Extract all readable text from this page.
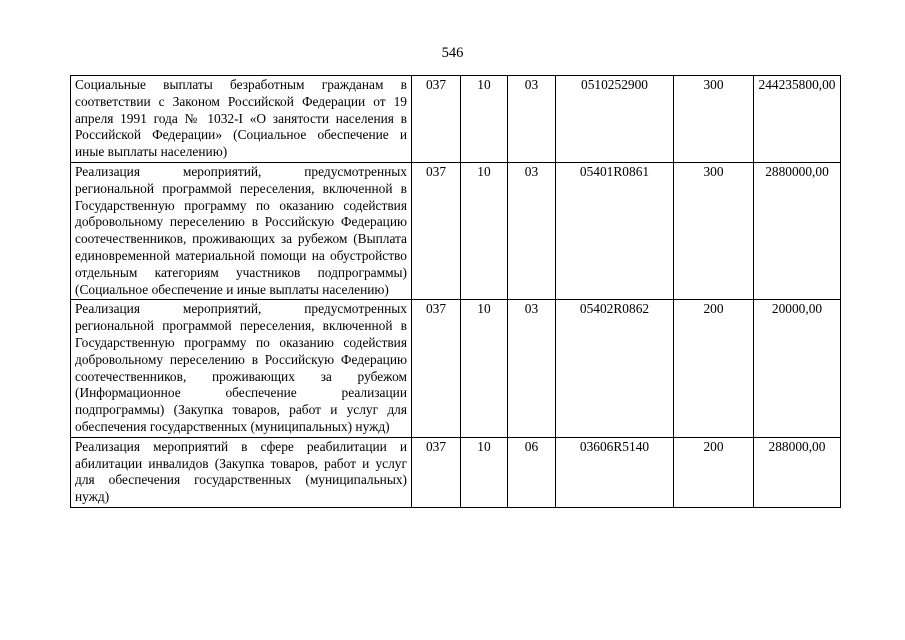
546
Социальные выплаты безработным гражданам в соответствии с Законом Российской Федерации от 19 апреля 1991 года № 1032-I «О занятости населения в Российской Федерации» (Социальное обеспечение и иные выплаты населению)	037	10	03	0510252900	300	244235800,00
Реализация мероприятий, предусмотренных региональной программой переселения, включенной в Государственную программу по оказанию содействия добровольному переселению в Российскую Федерацию соотечественников, проживающих за рубежом (Выплата единовременной материальной помощи на обустройство отдельным категориям участников подпрограммы) (Социальное обеспечение и иные выплаты населению)	037	10	03	05401R0861	300	2880000,00
Реализация мероприятий, предусмотренных региональной программой переселения, включенной в Государственную программу по оказанию содействия добровольному переселению в Российскую Федерацию соотечественников, проживающих за рубежом (Информационное обеспечение реализации подпрограммы) (Закупка товаров, работ и услуг для обеспечения государственных (муниципальных) нужд)	037	10	03	05402R0862	200	20000,00
Реализация мероприятий в сфере реабилитации и абилитации инвалидов (Закупка товаров, работ и услуг для обеспечения государственных (муниципальных) нужд)	037	10	06	03606R5140	200	288000,00
